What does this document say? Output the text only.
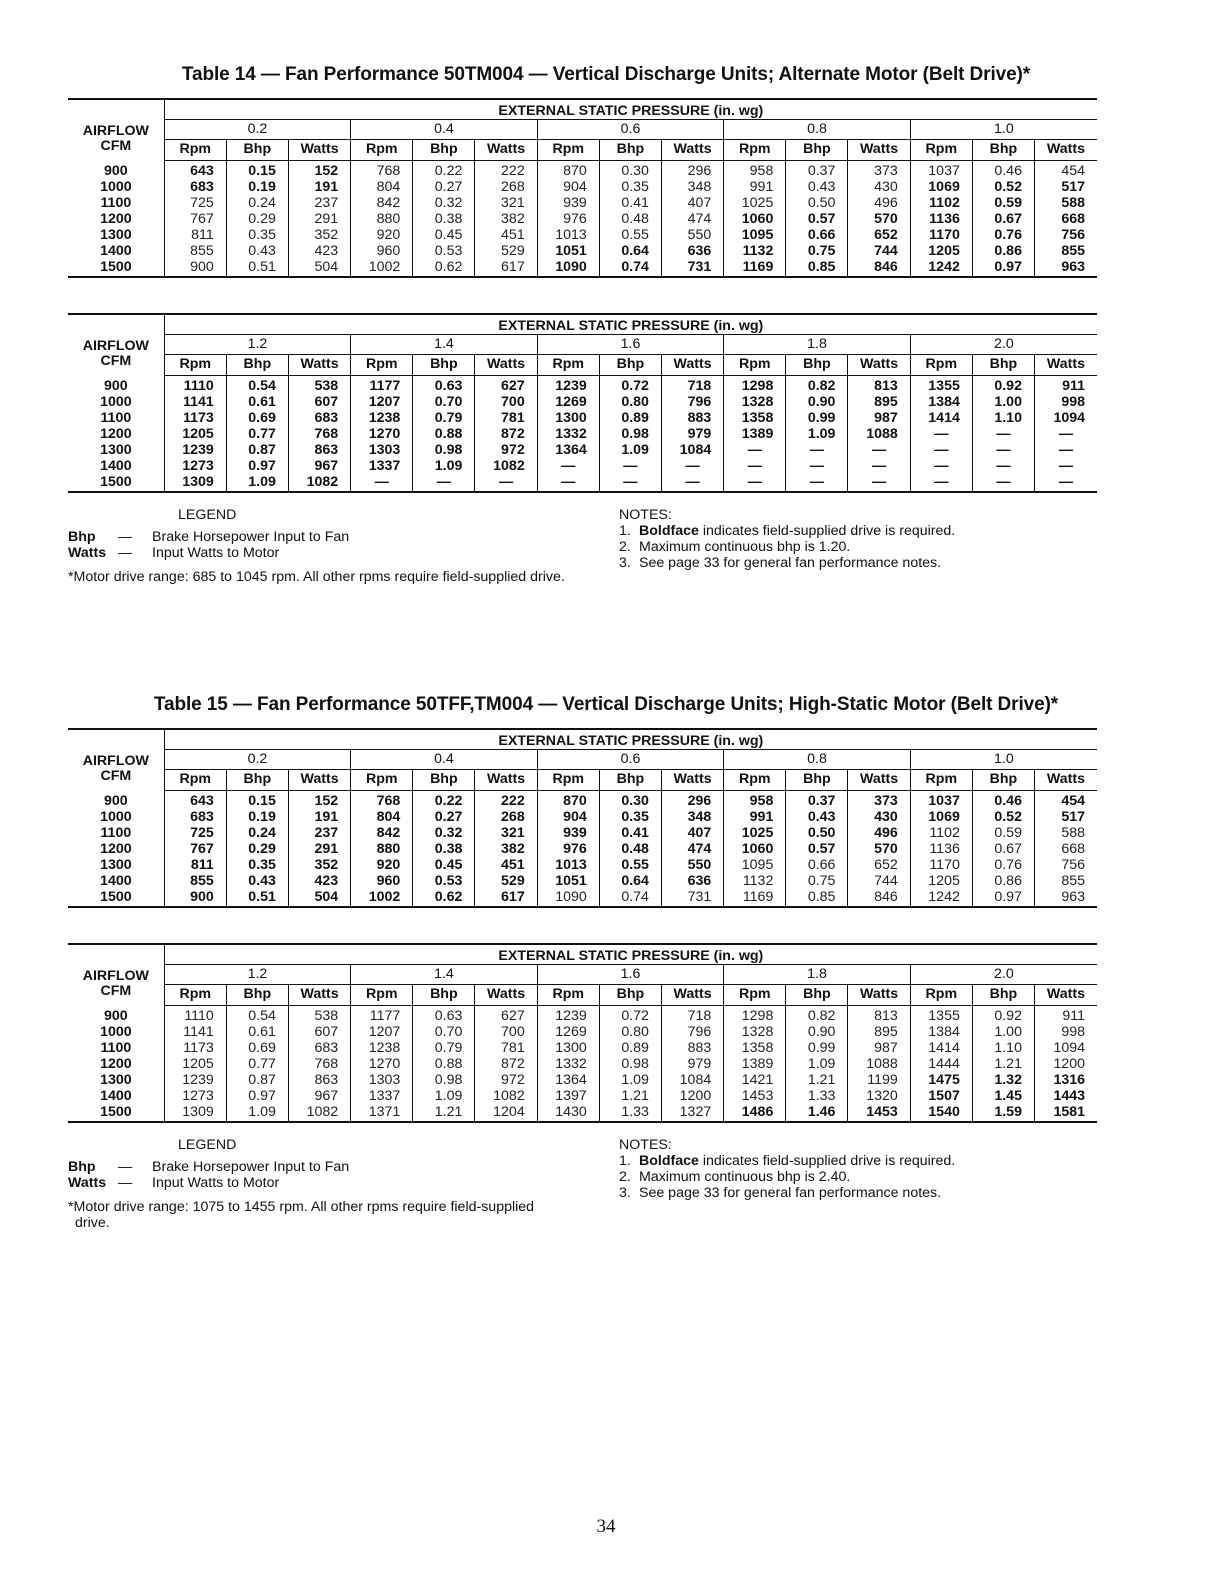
Table 14 — Fan Performance 50TM004 — Vertical Discharge Units; Alternate Motor (Belt Drive)*
AIRFLOW
CFM	EXTERNAL STATIC PRESSURE (in. wg)														
	0.2			0.4			0.6			0.8			1.0		
	Rpm	Bhp	Watts	Rpm	Bhp	Watts	Rpm	Bhp	Watts	Rpm	Bhp	Watts	Rpm	Bhp	Watts
900	643	0.15	152	768	0.22	222	870	0.30	296	958	0.37	373	1037	0.46	454
1000	683	0.19	191	804	0.27	268	904	0.35	348	991	0.43	430	1069	0.52	517
1100	725	0.24	237	842	0.32	321	939	0.41	407	1025	0.50	496	1102	0.59	588
1200	767	0.29	291	880	0.38	382	976	0.48	474	1060	0.57	570	1136	0.67	668
1300	811	0.35	352	920	0.45	451	1013	0.55	550	1095	0.66	652	1170	0.76	756
1400	855	0.43	423	960	0.53	529	1051	0.64	636	1132	0.75	744	1205	0.86	855
1500	900	0.51	504	1002	0.62	617	1090	0.74	731	1169	0.85	846	1242	0.97	963
AIRFLOW
CFM	EXTERNAL STATIC PRESSURE (in. wg)														
	1.2			1.4			1.6			1.8			2.0		
	Rpm	Bhp	Watts	Rpm	Bhp	Watts	Rpm	Bhp	Watts	Rpm	Bhp	Watts	Rpm	Bhp	Watts
900	1110	0.54	538	1177	0.63	627	1239	0.72	718	1298	0.82	813	1355	0.92	911
1000	1141	0.61	607	1207	0.70	700	1269	0.80	796	1328	0.90	895	1384	1.00	998
1100	1173	0.69	683	1238	0.79	781	1300	0.89	883	1358	0.99	987	1414	1.10	1094
1200	1205	0.77	768	1270	0.88	872	1332	0.98	979	1389	1.09	1088	—	—	—
1300	1239	0.87	863	1303	0.98	972	1364	1.09	1084	—	—	—	—	—	—
1400	1273	0.97	967	1337	1.09	1082	—	—	—	—	—	—	—	—	—
1500	1309	1.09	1082	—	—	—	—	—	—	—	—	—	—	—	—
LEGEND
Bhp	—	Brake Horsepower Input to Fan
Watts —	Input Watts to Motor
*Motor drive range: 685 to 1045 rpm. All other rpms require field-supplied drive.
NOTES:
1. Boldface indicates field-supplied drive is required.
2. Maximum continuous bhp is 1.20.
3. See page 33 for general fan performance notes.
Table 15 — Fan Performance 50TFF,TM004 — Vertical Discharge Units; High-Static Motor (Belt Drive)*
AIRFLOW
CFM	EXTERNAL STATIC PRESSURE (in. wg)														
	0.2			0.4			0.6			0.8			1.0		
	Rpm	Bhp	Watts	Rpm	Bhp	Watts	Rpm	Bhp	Watts	Rpm	Bhp	Watts	Rpm	Bhp	Watts
900	643	0.15	152	768	0.22	222	870	0.30	296	958	0.37	373	1037	0.46	454
1000	683	0.19	191	804	0.27	268	904	0.35	348	991	0.43	430	1069	0.52	517
1100	725	0.24	237	842	0.32	321	939	0.41	407	1025	0.50	496	1102	0.59	588
1200	767	0.29	291	880	0.38	382	976	0.48	474	1060	0.57	570	1136	0.67	668
1300	811	0.35	352	920	0.45	451	1013	0.55	550	1095	0.66	652	1170	0.76	756
1400	855	0.43	423	960	0.53	529	1051	0.64	636	1132	0.75	744	1205	0.86	855
1500	900	0.51	504	1002	0.62	617	1090	0.74	731	1169	0.85	846	1242	0.97	963
AIRFLOW
CFM	EXTERNAL STATIC PRESSURE (in. wg)														
	1.2			1.4			1.6			1.8			2.0		
	Rpm	Bhp	Watts	Rpm	Bhp	Watts	Rpm	Bhp	Watts	Rpm	Bhp	Watts	Rpm	Bhp	Watts
900	1110	0.54	538	1177	0.63	627	1239	0.72	718	1298	0.82	813	1355	0.92	911
1000	1141	0.61	607	1207	0.70	700	1269	0.80	796	1328	0.90	895	1384	1.00	998
1100	1173	0.69	683	1238	0.79	781	1300	0.89	883	1358	0.99	987	1414	1.10	1094
1200	1205	0.77	768	1270	0.88	872	1332	0.98	979	1389	1.09	1088	1444	1.21	1200
1300	1239	0.87	863	1303	0.98	972	1364	1.09	1084	1421	1.21	1199	1475	1.32	1316
1400	1273	0.97	967	1337	1.09	1082	1397	1.21	1200	1453	1.33	1320	1507	1.45	1443
1500	1309	1.09	1082	1371	1.21	1204	1430	1.33	1327	1486	1.46	1453	1540	1.59	1581
LEGEND
Bhp	—	Brake Horsepower Input to Fan
Watts —	Input Watts to Motor
*Motor drive range: 1075 to 1455 rpm. All other rpms require field-supplied drive.
NOTES:
1. Boldface indicates field-supplied drive is required.
2. Maximum continuous bhp is 2.40.
3. See page 33 for general fan performance notes.
34
